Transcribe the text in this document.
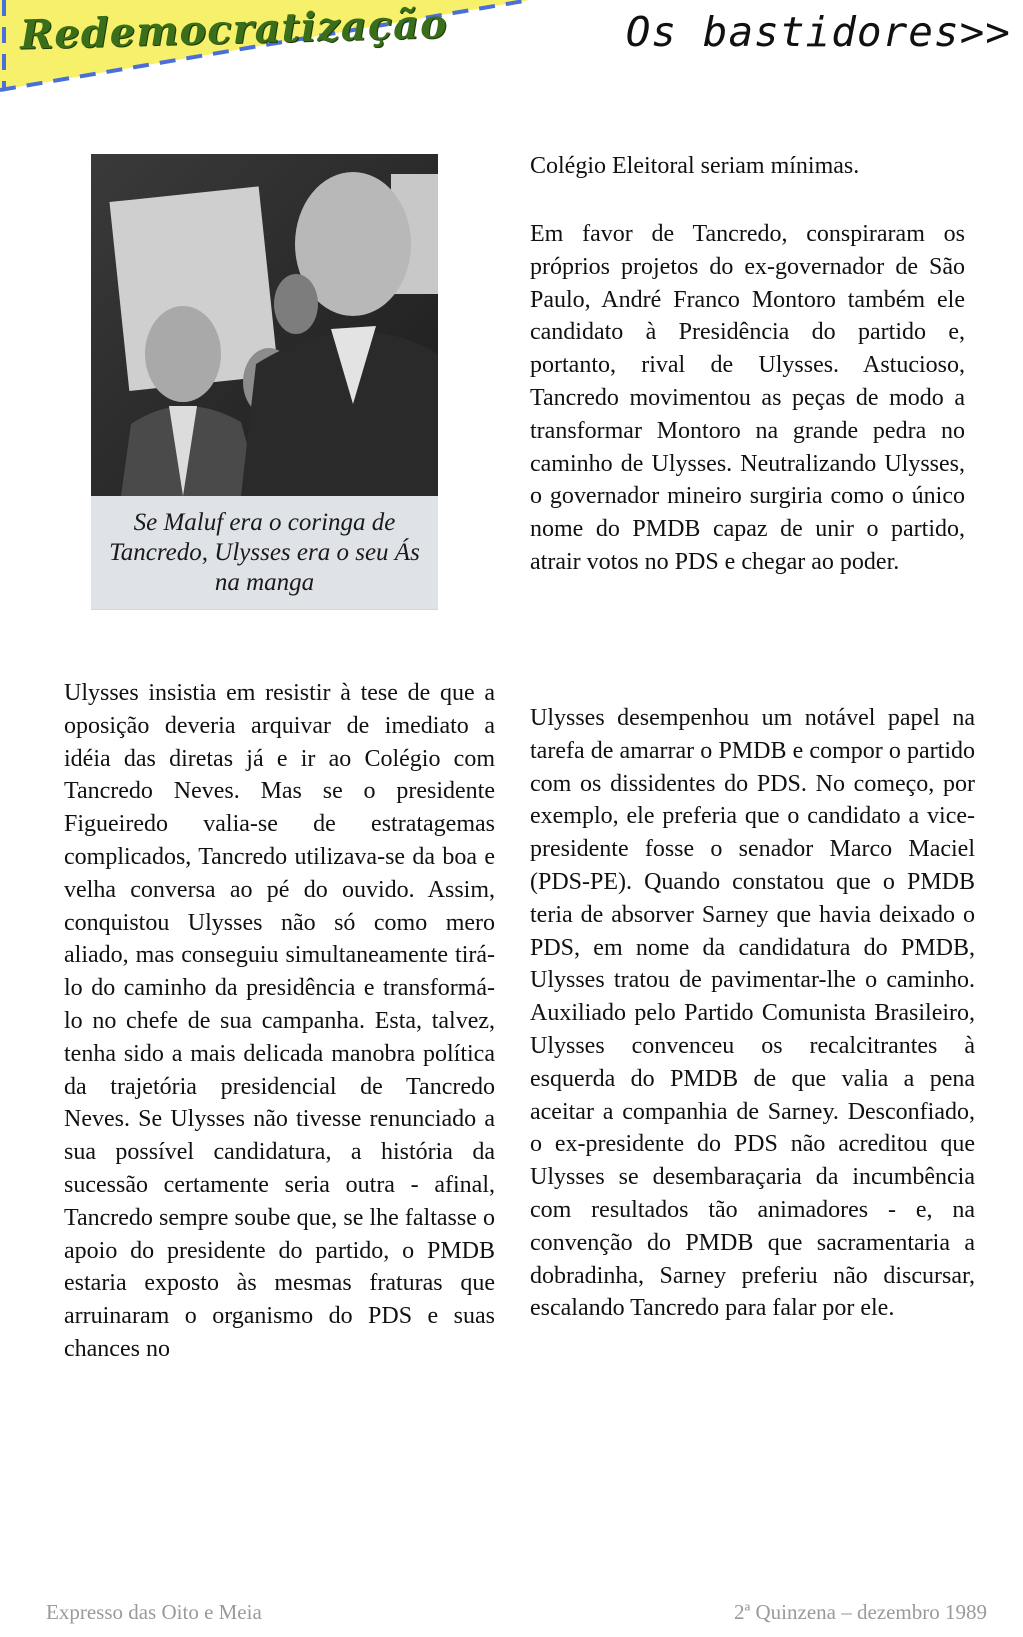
Redemocratização	Os bastidores>>
Se Maluf era o coringa de Tancredo, Ulysses era o seu Ás na manga
Ulysses insistia em resistir à tese de que a oposição deveria arquivar de imediato a idéia das diretas já e ir ao Colégio com Tancredo Neves. Mas se o presidente Figueiredo valia-se de estratagemas complicados, Tancredo utilizava-se da boa e velha conversa ao pé do ouvido. Assim, conquistou Ulysses não só como mero aliado, mas conseguiu simultaneamente tirá-lo do caminho da presidência e transformá-lo no chefe de sua campanha. Esta, talvez, tenha sido a mais delicada manobra política da trajetória presidencial de Tancredo Neves. Se Ulysses não tivesse renunciado a sua possível candidatura, a história da sucessão certamente seria outra - afinal, Tancredo sempre soube que, se lhe faltasse o apoio do presidente do partido, o PMDB estaria exposto às mesmas fraturas que arruinaram o organismo do PDS e suas chances no
Colégio Eleitoral seriam mínimas.
Em favor de Tancredo, conspiraram os próprios projetos do ex-governador de São Paulo, André Franco Montoro também ele candidato à Presidência do partido e, portanto, rival de Ulysses. Astucioso, Tancredo movimentou as peças de modo a transformar Montoro na grande pedra no caminho de Ulysses. Neutralizando Ulysses, o governador mineiro surgiria como o único nome do PMDB capaz de unir o partido, atrair votos no PDS e chegar ao poder.
Ulysses desempenhou um notável papel na tarefa de amarrar o PMDB e compor o partido com os dissidentes do PDS. No começo, por exemplo, ele preferia que o candidato a vice-presidente fosse o senador Marco Maciel (PDS-PE). Quando constatou que o PMDB teria de absorver Sarney que havia deixado o PDS, em nome da candidatura do PMDB, Ulysses tratou de pavimentar-lhe o caminho. Auxiliado pelo Partido Comunista Brasileiro, Ulysses convenceu os recalcitrantes à esquerda do PMDB de que valia a pena aceitar a companhia de Sarney. Desconfiado, o ex-presidente do PDS não acreditou que Ulysses se desembaraçaria da incumbência com resultados tão animadores - e, na convenção do PMDB que sacramentaria a dobradinha, Sarney preferiu não discursar, escalando Tancredo para falar por ele.
Expresso das Oito e Meia	2ª Quinzena – dezembro 1989
